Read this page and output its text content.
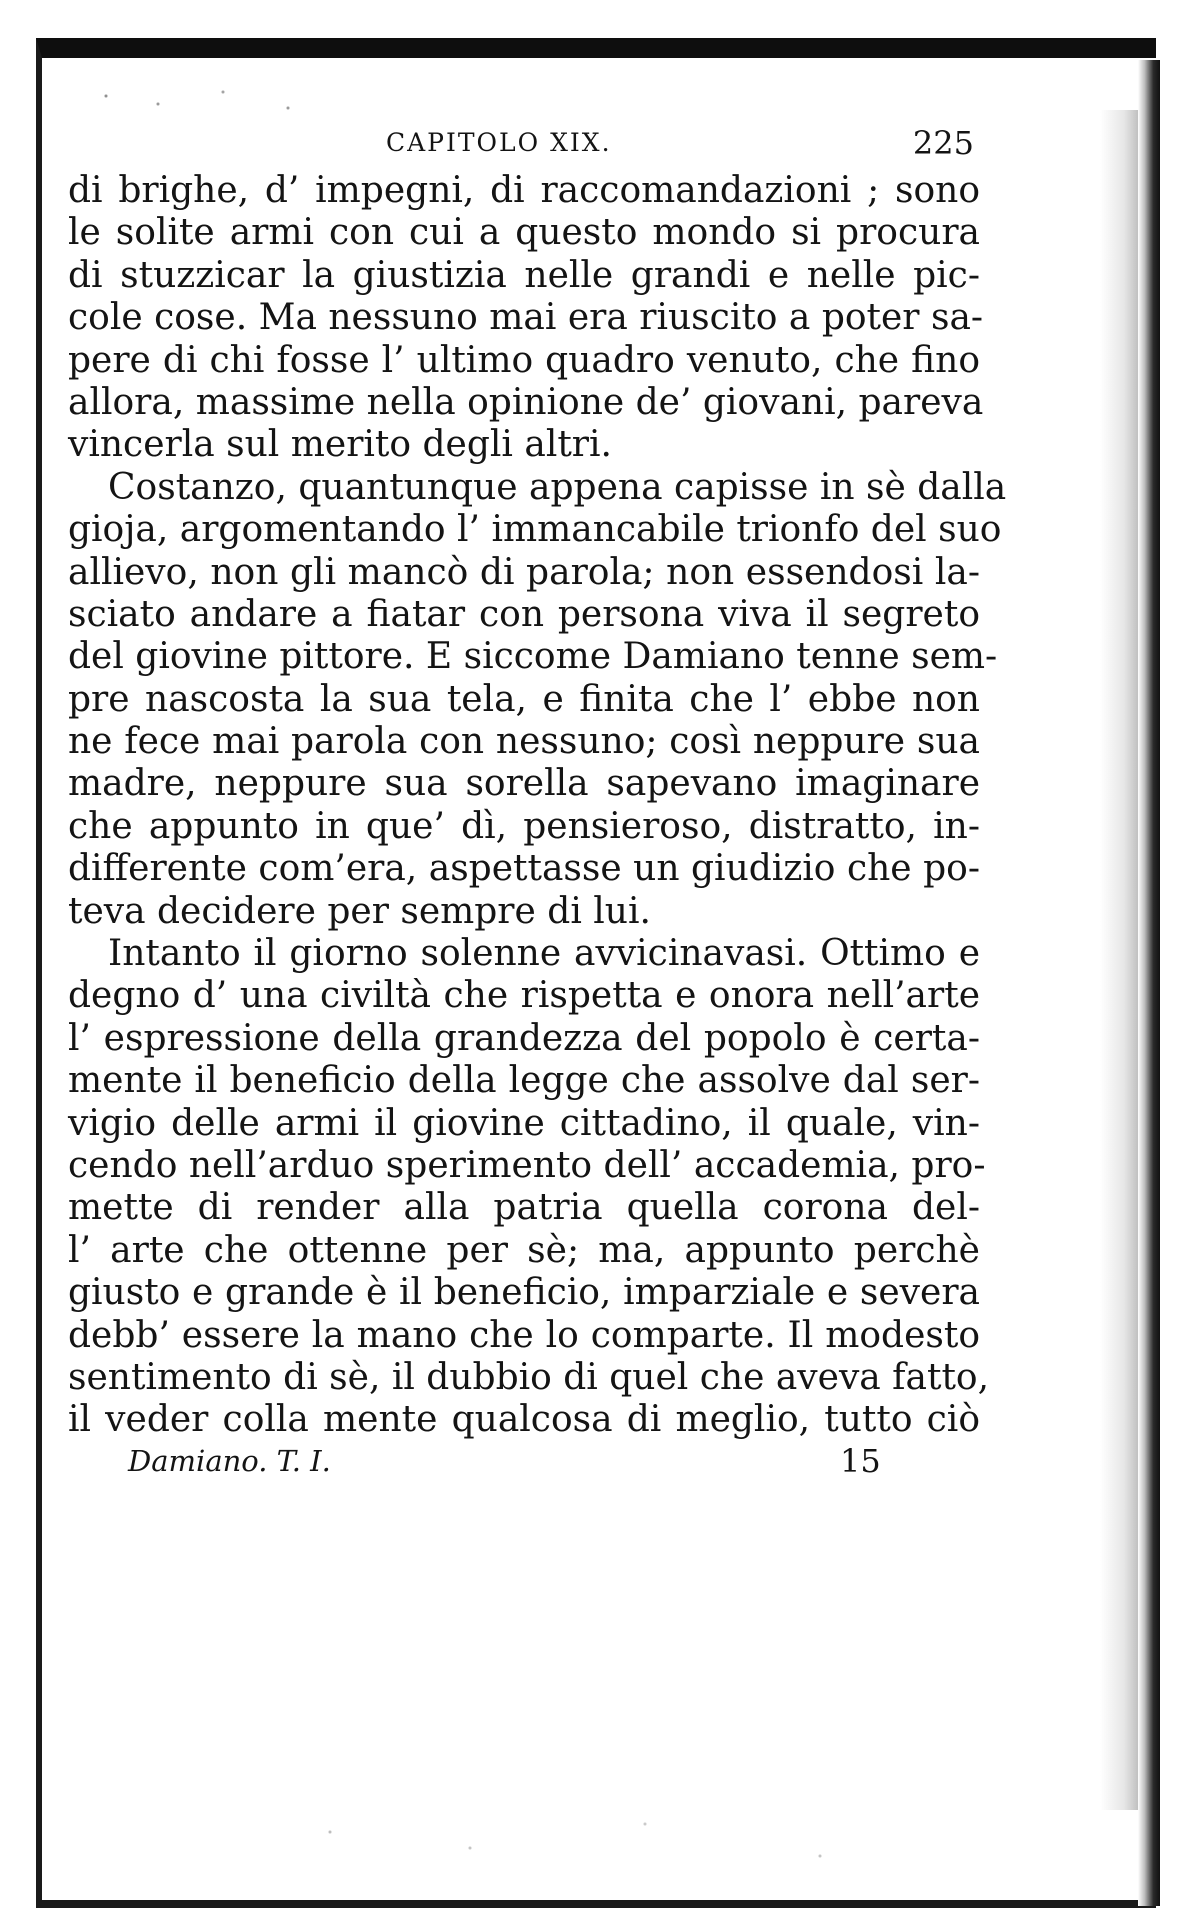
CAPITOLO XIX.	225
di brighe, d’ impegni, di raccomandazioni ; sono
le solite armi con cui a questo mondo si procura
di stuzzicar la giustizia nelle grandi e nelle pic-
cole cose. Ma nessuno mai era riuscito a poter sa-
pere di chi fosse l’ ultimo quadro venuto, che fino
allora, massime nella opinione de’ giovani, pareva
vincerla sul merito degli altri.
Costanzo, quantunque appena capisse in sè dalla
gioja, argomentando l’ immancabile trionfo del suo
allievo, non gli mancò di parola; non essendosi la-
sciato andare a fiatar con persona viva il segreto
del giovine pittore. E siccome Damiano tenne sem-
pre nascosta la sua tela, e finita che l’ ebbe non
ne fece mai parola con nessuno; così neppure sua
madre, neppure sua sorella sapevano imaginare
che appunto in que’ dì, pensieroso, distratto, in-
differente com’era, aspettasse un giudizio che po-
teva decidere per sempre di lui.
Intanto il giorno solenne avvicinavasi. Ottimo e
degno d’ una civiltà che rispetta e onora nell’arte
l’ espressione della grandezza del popolo è certa-
mente il beneficio della legge che assolve dal ser-
vigio delle armi il giovine cittadino, il quale, vin-
cendo nell’arduo sperimento dell’ accademia, pro-
mette di render alla patria quella corona del-
l’ arte che ottenne per sè; ma, appunto perchè
giusto e grande è il beneficio, imparziale e severa
debb’ essere la mano che lo comparte. Il modesto
sentimento di sè, il dubbio di quel che aveva fatto,
il veder colla mente qualcosa di meglio, tutto ciò
Damiano. T. I.	15
